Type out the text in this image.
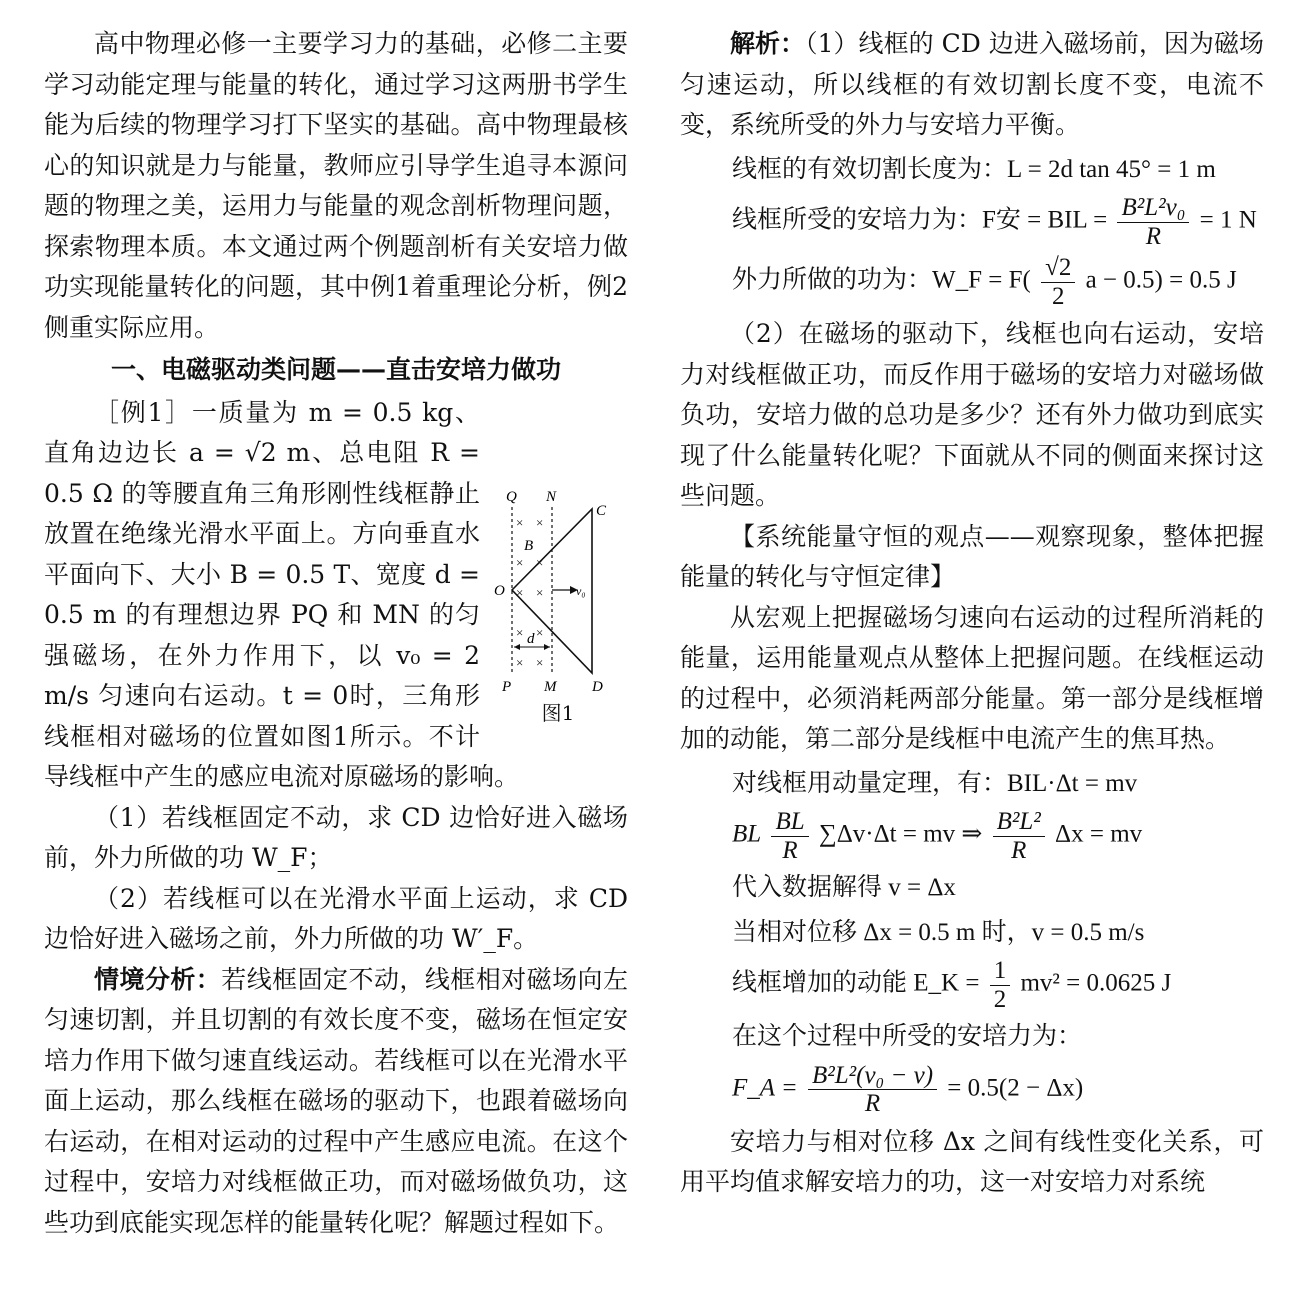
高中物理必修一主要学习力的基础，必修二主要学习动能定理与能量的转化，通过学习这两册书学生能为后续的物理学习打下坚实的基础。高中物理最核心的知识就是力与能量，教师应引导学生追寻本源问题的物理之美，运用力与能量的观念剖析物理问题，探索物理本质。本文通过两个例题剖析有关安培力做功实现能量转化的问题，其中例1着重理论分析，例2侧重实际应用。

一、电磁驱动类问题——直击安培力做功
× ×
× ×
× ×
× ×
× ×
Q N
C
B
O	v₀
d
P M D
图1

［例1］一质量为 m = 0.5 kg、直角边边长 a = √2 m、总电阻 R = 0.5 Ω 的等腰直角三角形刚性线框静止放置在绝缘光滑水平面上。方向垂直水平面向下、大小 B = 0.5 T、宽度 d = 0.5 m 的有理想边界 PQ 和 MN 的匀强磁场，在外力作用下，以 v₀ = 2 m/s 匀速向右运动。t = 0时，三角形线框相对磁场的位置如图1所示。不计导线框中产生的感应电流对原磁场的影响。

（1）若线框固定不动，求 CD 边恰好进入磁场前，外力所做的功 W_F；

（2）若线框可以在光滑水平面上运动，求 CD 边恰好进入磁场之前，外力所做的功 W′_F。

情境分析：若线框固定不动，线框相对磁场向左匀速切割，并且切割的有效长度不变，磁场在恒定安培力作用下做匀速直线运动。若线框可以在光滑水平面上运动，那么线框在磁场的驱动下，也跟着磁场向右运动，在相对运动的过程中产生感应电流。在这个过程中，安培力对线框做正功，而对磁场做负功，这些功到底能实现怎样的能量转化呢？解题过程如下。

解析：（1）线框的 CD 边进入磁场前，因为磁场匀速运动，所以线框的有效切割长度不变，电流不变，系统所受的外力与安培力平衡。

线框的有效切割长度为：L = 2d tan 45° = 1 m
线框所受的安培力为：F安 = BIL = $\frac{\text{B²L²v₀}}{R} = 1$ N
外力所做的功为：W_F = $F( \frac{√2}{2}$ a − 0.5) = 0.5 J

（2）在磁场的驱动下，线框也向右运动，安培力对线框做正功，而反作用于磁场的安培力对磁场做负功，安培力做的总功是多少？还有外力做功到底实现了什么能量转化呢？下面就从不同的侧面来探讨这些问题。

【系统能量守恒的观点——观察现象，整体把握能量的转化与守恒定律】

从宏观上把握磁场匀速向右运动的过程所消耗的能量，运用能量观点从整体上把握问题。在线框运动的过程中，必须消耗两部分能量。第一部分是线框增加的动能，第二部分是线框中电流产生的焦耳热。

对线框用动量定理，有：BIL·Δt = mv
BL $\frac{BL}{R} \sum\Delta v\cdot\Delta t$ = mv ⇒ $\frac{\text{B²L²}}{R}$ Δx = mv
代入数据解得 v = Δx
当相对位移 Δx = 0.5 m 时，v = 0.5 m/s
线框增加的动能 E_K = $\frac{1}{2} mv^2 = 0.0625$ J
在这个过程中所受的安培力为：
F_A = $\frac{\text{B²L²(v₀ − v)}}{R} = 0.5(2 - \Delta x)$

安培力与相对位移 Δx 之间有线性变化关系，可用平均值求解安培力的功，这一对安培力对系统
